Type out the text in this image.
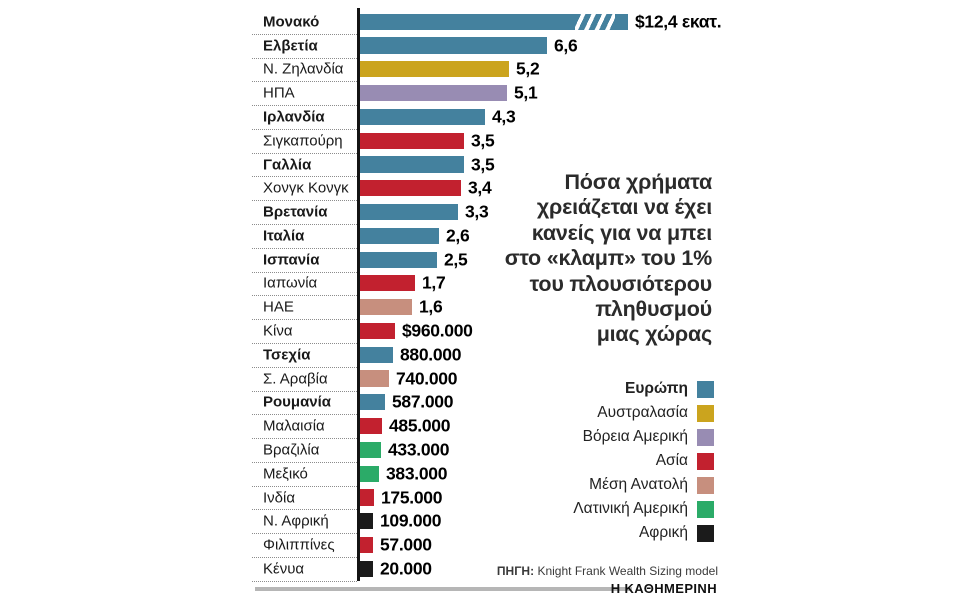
Μονακό	$12,4 εκατ.
Ελβετία	6,6
Ν. Ζηλανδία	5,2
ΗΠΑ	5,1
Ιρλανδία	4,3
Σιγκαπούρη	3,5
Γαλλία	3,5
Χονγκ Κονγκ	3,4
Βρετανία	3,3
Ιταλία	2,6
Ισπανία	2,5
Ιαπωνία	1,7
ΗΑΕ	1,6
Κίνα	$960.000
Τσεχία	880.000
Σ. Αραβία	740.000
Ρουμανία	587.000
Μαλαισία	485.000
Βραζιλία	433.000
Μεξικό	383.000
Ινδία	175.000
Ν. Αφρική	109.000
Φιλιππίνες	57.000
Κένυα	20.000
Πόσα χρήματα
χρειάζεται να έχει
κανείς για να μπει
στο «κλαμπ» του 1%
του πλουσιότερου
πληθυσμού
μιας χώρας
Ευρώπη
Αυστραλασία
Βόρεια Αμερική
Ασία
Μέση Ανατολή
Λατινική Αμερική
Αφρική
ΠΗΓΗ: Knight Frank Wealth Sizing model
Η ΚΑΘΗΜΕΡΙΝΗ
